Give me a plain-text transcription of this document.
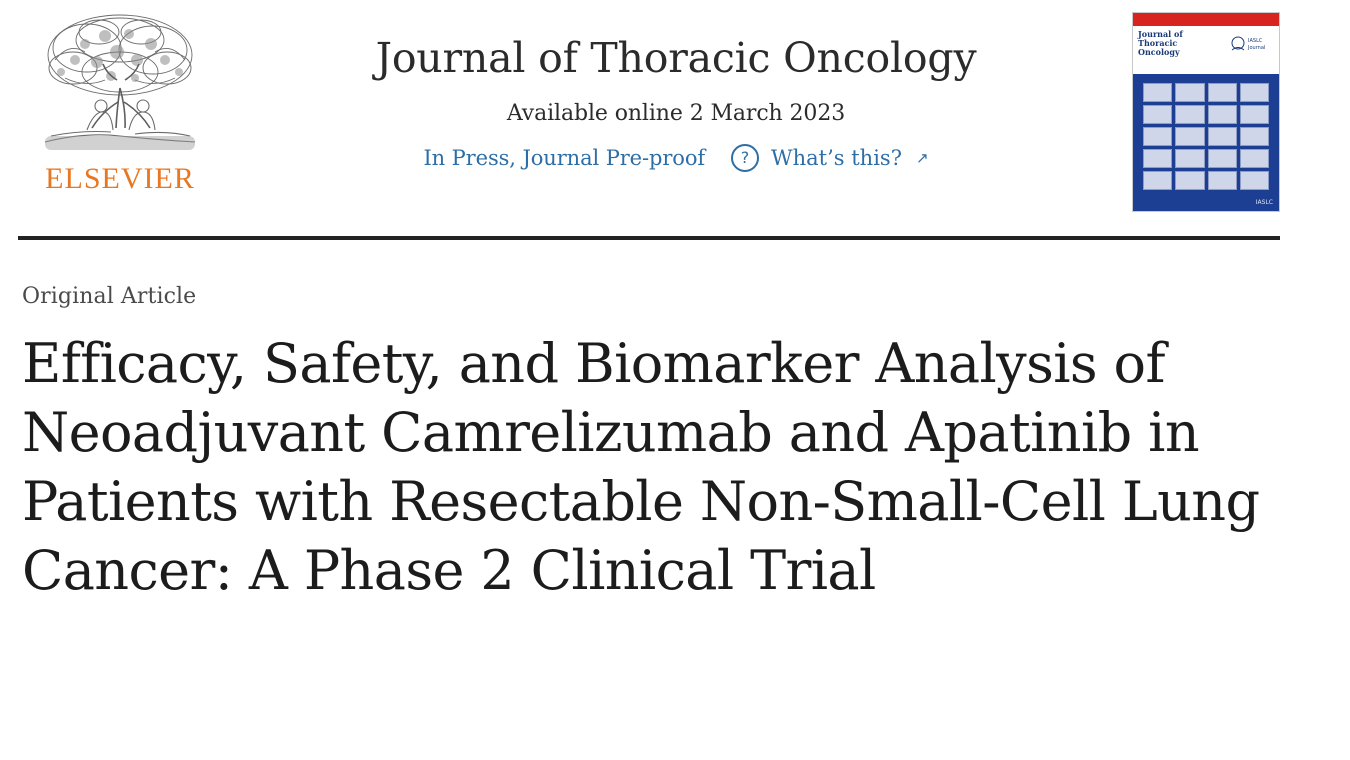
ELSEVIER
Journal of Thoracic Oncology
Available online 2 March 2023
In Press, Journal Pre-proof	?	What’s this? ↗
Journal of
Thoracic
Oncology
IASLC
Journal
IASLC
Original Article
Efficacy, Safety, and Biomarker Analysis of Neoadjuvant Camrelizumab and Apatinib in Patients with Resectable Non-Small-Cell Lung Cancer: A Phase 2 Clinical Trial
